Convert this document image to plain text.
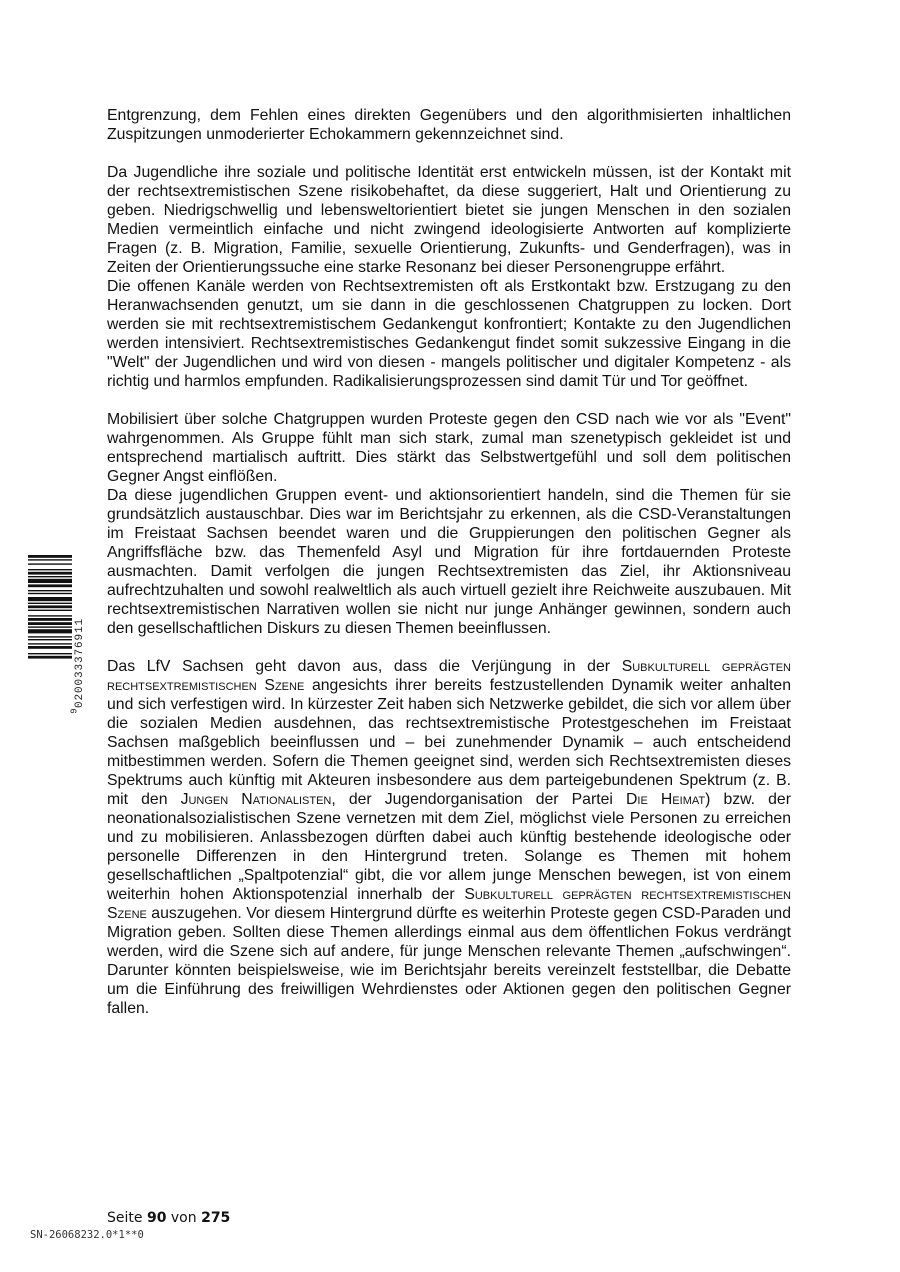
Entgrenzung, dem Fehlen eines direkten Gegenübers und den algorithmisierten inhaltlichen Zuspitzungen unmoderierter Echokammern gekennzeichnet sind.

Da Jugendliche ihre soziale und politische Identität erst entwickeln müssen, ist der Kontakt mit der rechtsextremistischen Szene risikobehaftet, da diese suggeriert, Halt und Orientierung zu geben. Niedrigschwellig und lebensweltorientiert bietet sie jungen Menschen in den sozialen Medien vermeintlich einfache und nicht zwingend ideologisierte Antworten auf komplizierte Fragen (z. B. Migration, Familie, sexuelle Orientierung, Zukunfts- und Genderfragen), was in Zeiten der Orientierungssuche eine starke Resonanz bei dieser Personengruppe erfährt.

Die offenen Kanäle werden von Rechtsextremisten oft als Erstkontakt bzw. Erstzugang zu den Heranwachsenden genutzt, um sie dann in die geschlossenen Chatgruppen zu locken. Dort werden sie mit rechtsextremistischem Gedankengut konfrontiert; Kontakte zu den Jugendlichen werden intensiviert. Rechtsextremistisches Gedankengut findet somit sukzessive Eingang in die "Welt" der Jugendlichen und wird von diesen - mangels politischer und digitaler Kompetenz - als richtig und harmlos empfunden. Radikalisierungsprozessen sind damit Tür und Tor geöffnet.

Mobilisiert über solche Chatgruppen wurden Proteste gegen den CSD nach wie vor als "Event" wahrgenommen. Als Gruppe fühlt man sich stark, zumal man szenetypisch gekleidet ist und entsprechend martialisch auftritt. Dies stärkt das Selbstwertgefühl und soll dem politischen Gegner Angst einflößen.

Da diese jugendlichen Gruppen event- und aktionsorientiert handeln, sind die Themen für sie grundsätzlich austauschbar. Dies war im Berichtsjahr zu erkennen, als die CSD-Veranstaltungen im Freistaat Sachsen beendet waren und die Gruppierungen den politischen Gegner als Angriffsfläche bzw. das Themenfeld Asyl und Migration für ihre fortdauernden Proteste ausmachten. Damit verfolgen die jungen Rechtsextremisten das Ziel, ihr Aktionsniveau aufrechtzuhalten und sowohl realweltlich als auch virtuell gezielt ihre Reichweite auszubauen. Mit rechtsextremistischen Narrativen wollen sie nicht nur junge Anhänger gewinnen, sondern auch den gesellschaftlichen Diskurs zu diesen Themen beeinflussen.

Das LfV Sachsen geht davon aus, dass die Verjüngung in der Subkulturell geprägten rechtsextremistischen Szene angesichts ihrer bereits festzustellenden Dynamik weiter anhalten und sich verfestigen wird. In kürzester Zeit haben sich Netzwerke gebildet, die sich vor allem über die sozialen Medien ausdehnen, das rechtsextremistische Protestgeschehen im Freistaat Sachsen maßgeblich beeinflussen und – bei zunehmender Dynamik – auch entscheidend mitbestimmen werden. Sofern die Themen geeignet sind, werden sich Rechtsextremisten dieses Spektrums auch künftig mit Akteuren insbesondere aus dem parteigebundenen Spektrum (z. B. mit den Jungen Nationalisten, der Jugendorganisation der Partei Die Heimat) bzw. der neonationalsozialistischen Szene vernetzen mit dem Ziel, möglichst viele Personen zu erreichen und zu mobilisieren. Anlassbezogen dürften dabei auch künftig bestehende ideologische oder personelle Differenzen in den Hintergrund treten. Solange es Themen mit hohem gesellschaftlichen „Spaltpotenzial“ gibt, die vor allem junge Menschen bewegen, ist von einem weiterhin hohen Aktionspotenzial innerhalb der Subkulturell geprägten rechtsextremistischen Szene auszugehen. Vor diesem Hintergrund dürfte es weiterhin Proteste gegen CSD-Paraden und Migration geben. Sollten diese Themen allerdings einmal aus dem öffentlichen Fokus verdrängt werden, wird die Szene sich auf andere, für junge Menschen relevante Themen „aufschwingen“. Darunter könnten beispielsweise, wie im Berichtsjahr bereits vereinzelt feststellbar, die Debatte um die Einführung des freiwilligen Wehrdienstes oder Aktionen gegen den politischen Gegner fallen.

020033376911
9
Seite 90 von 275
SN-26068232.0*1**0
